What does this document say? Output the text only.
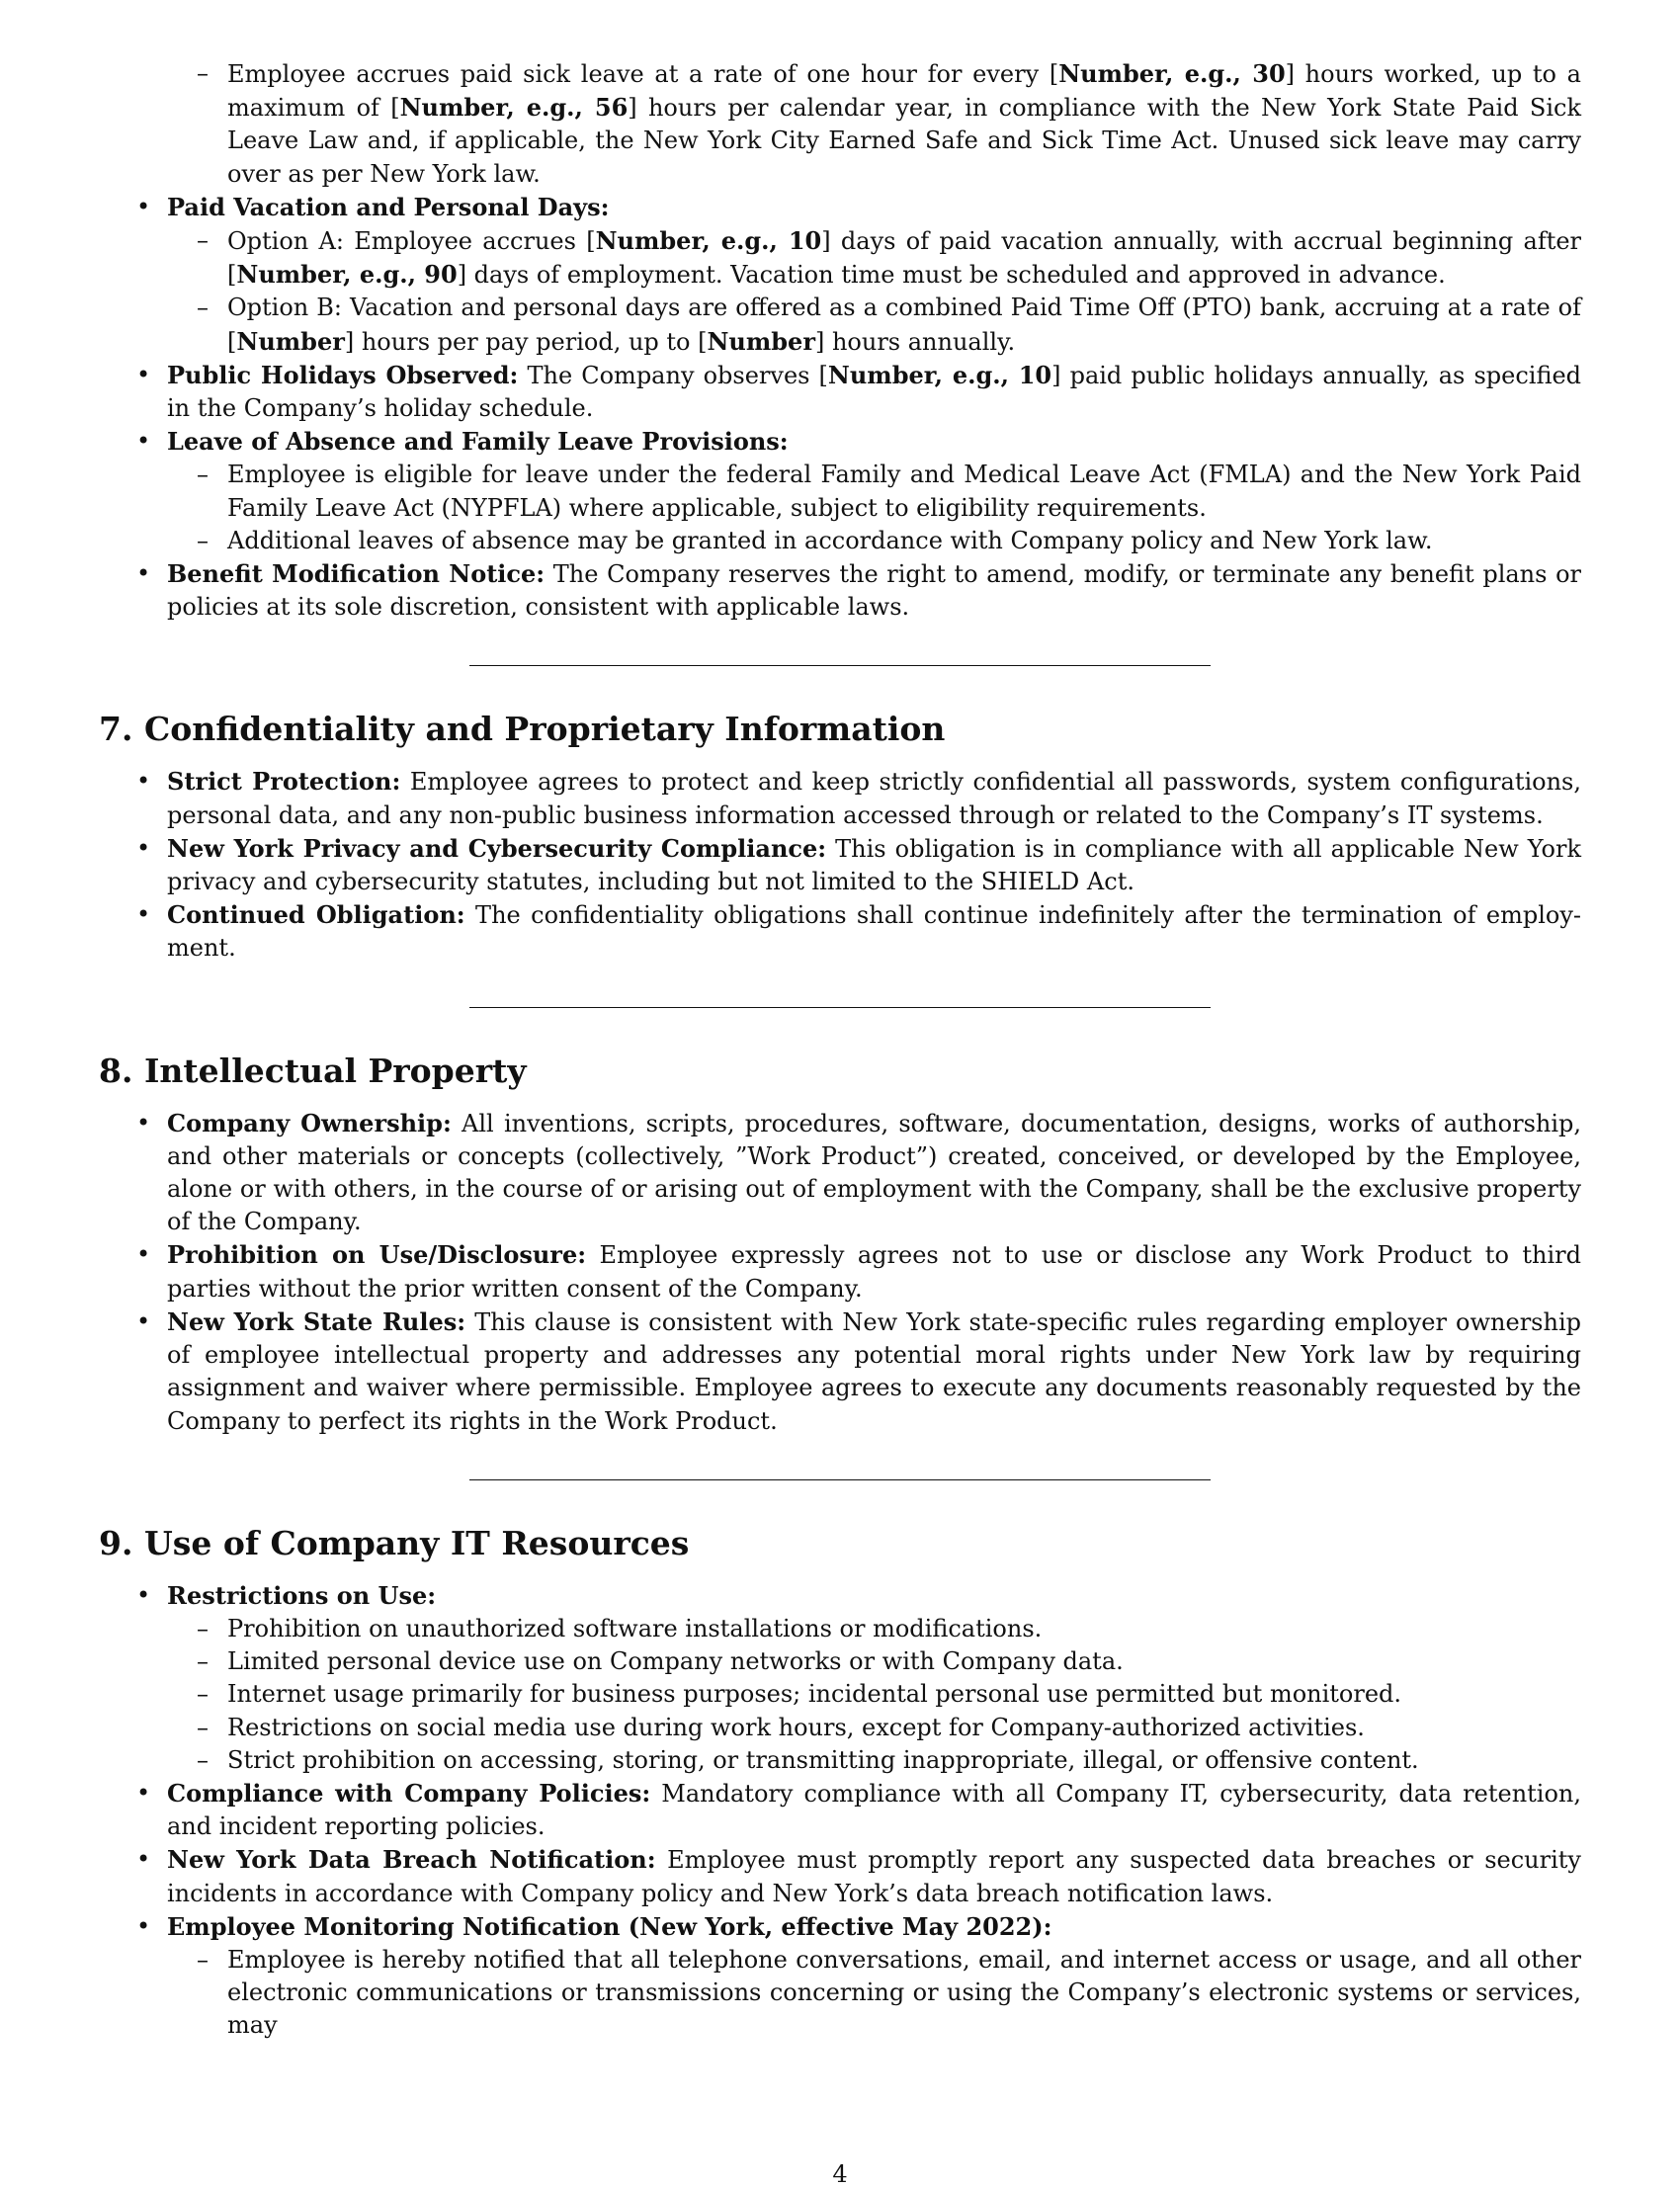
– Employee accrues paid sick leave at a rate of one hour for every [Number, e.g., 30] hours worked, up to a maximum of [Number, e.g., 56] hours per calendar year, in compliance with the New York State Paid Sick Leave Law and, if applicable, the New York City Earned Safe and Sick Time Act. Unused sick leave may carry over as per New York law.
• Paid Vacation and Personal Days:
– Option A: Employee accrues [Number, e.g., 10] days of paid vacation annually, with accrual beginning after [Number, e.g., 90] days of employment. Vacation time must be scheduled and approved in advance.
– Option B: Vacation and personal days are offered as a combined Paid Time Off (PTO) bank, accruing at a rate of [Number] hours per pay period, up to [Number] hours annually.
• Public Holidays Observed: The Company observes [Number, e.g., 10] paid public holidays annually, as specified in the Company’s holiday schedule.
• Leave of Absence and Family Leave Provisions:
– Employee is eligible for leave under the federal Family and Medical Leave Act (FMLA) and the New York Paid Family Leave Act (NYPFLA) where applicable, subject to eligibility requirements.
– Additional leaves of absence may be granted in accordance with Company policy and New York law.
• Benefit Modification Notice: The Company reserves the right to amend, modify, or terminate any benefit plans or policies at its sole discretion, consistent with applicable laws.
7. Confidentiality and Proprietary Information
• Strict Protection: Employee agrees to protect and keep strictly confidential all passwords, system configurations, personal data, and any non-public business information accessed through or related to the Company’s IT systems.
• New York Privacy and Cybersecurity Compliance: This obligation is in compliance with all applicable New York privacy and cybersecurity statutes, including but not limited to the SHIELD Act.
• Continued Obligation: The confidentiality obligations shall continue indefinitely after the termination of employ-ment.
8. Intellectual Property
• Company Ownership: All inventions, scripts, procedures, software, documentation, designs, works of authorship, and other materials or concepts (collectively, ”Work Product”) created, conceived, or developed by the Employee, alone or with others, in the course of or arising out of employment with the Company, shall be the exclusive property of the Company.
• Prohibition on Use/Disclosure: Employee expressly agrees not to use or disclose any Work Product to third parties without the prior written consent of the Company.
• New York State Rules: This clause is consistent with New York state-specific rules regarding employer ownership of employee intellectual property and addresses any potential moral rights under New York law by requiring assignment and waiver where permissible. Employee agrees to execute any documents reasonably requested by the Company to perfect its rights in the Work Product.
9. Use of Company IT Resources
• Restrictions on Use:
– Prohibition on unauthorized software installations or modifications.
– Limited personal device use on Company networks or with Company data.
– Internet usage primarily for business purposes; incidental personal use permitted but monitored.
– Restrictions on social media use during work hours, except for Company-authorized activities.
– Strict prohibition on accessing, storing, or transmitting inappropriate, illegal, or offensive content.
• Compliance with Company Policies: Mandatory compliance with all Company IT, cybersecurity, data retention, and incident reporting policies.
• New York Data Breach Notification: Employee must promptly report any suspected data breaches or security incidents in accordance with Company policy and New York’s data breach notification laws.
• Employee Monitoring Notification (New York, effective May 2022):
– Employee is hereby notified that all telephone conversations, email, and internet access or usage, and all other electronic communications or transmissions concerning or using the Company’s electronic systems or services, may
4
